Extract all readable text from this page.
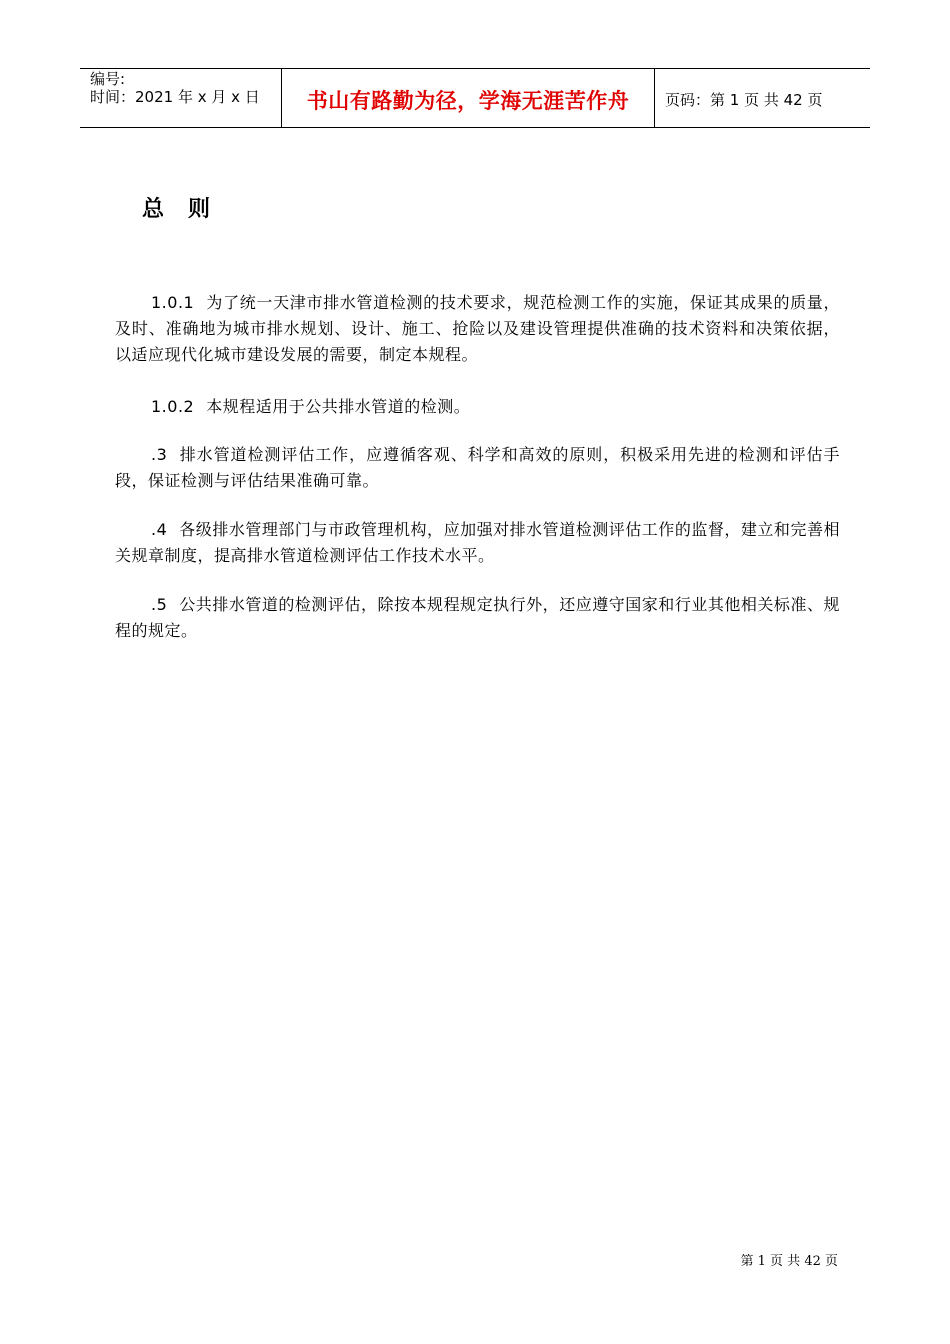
编号:
时间：2021 年 x 月 x 日 书山有路勤为径，学海无涯苦作舟 页码：第 1 页 共 42 页
总则
1.0.1 为了统一天津市排水管道检测的技术要求，规范检测工作的实施，保证其成果的质量，及时、准确地为城市排水规划、设计、施工、抢险以及建设管理提供准确的技术资料和决策依据，以适应现代化城市建设发展的需要，制定本规程。
1.0.2 本规程适用于公共排水管道的检测。
.3 排水管道检测评估工作，应遵循客观、科学和高效的原则，积极采用先进的检测和评估手段，保证检测与评估结果准确可靠。
.4 各级排水管理部门与市政管理机构，应加强对排水管道检测评估工作的监督，建立和完善相关规章制度，提高排水管道检测评估工作技术水平。
.5 公共排水管道的检测评估，除按本规程规定执行外，还应遵守国家和行业其他相关标准、规程的规定。
第 1 页 共 42 页
